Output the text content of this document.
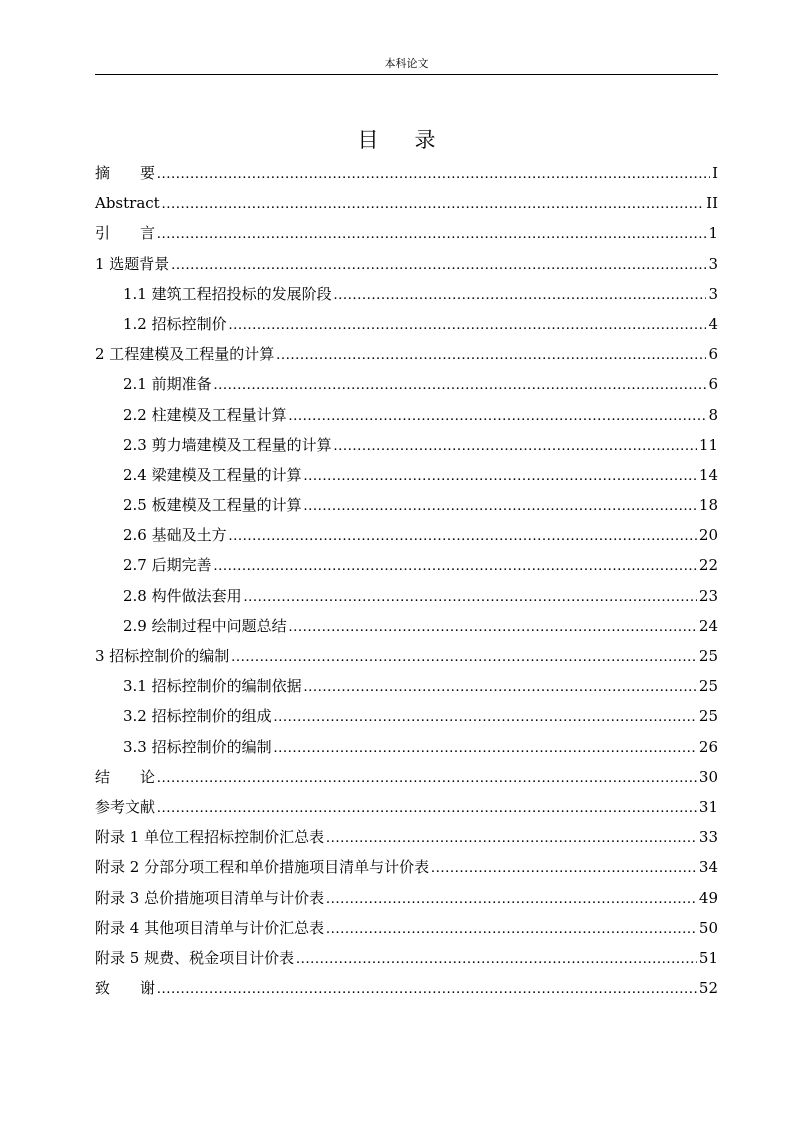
本科论文
目录
摘要 .....	I
Abstract .....	II
引言 .....	1
1 选题背景 .....	3
1.1 建筑工程招投标的发展阶段 .....	3
1.2 招标控制价 .....	4
2 工程建模及工程量的计算 .....	6
2.1 前期准备 .....	6
2.2 柱建模及工程量计算 .....	8
2.3 剪力墙建模及工程量的计算 .....	11
2.4 梁建模及工程量的计算 .....	14
2.5 板建模及工程量的计算 .....	18
2.6 基础及土方 .....	20
2.7 后期完善 .....	22
2.8 构件做法套用 .....	23
2.9 绘制过程中问题总结 .....	24
3 招标控制价的编制 .....	25
3.1 招标控制价的编制依据 .....	25
3.2 招标控制价的组成 .....	25
3.3 招标控制价的编制 .....	26
结论 .....	30
参考文献 .....	31
附录 1 单位工程招标控制价汇总表 .....	33
附录 2 分部分项工程和单价措施项目清单与计价表 .....	34
附录 3 总价措施项目清单与计价表 .....	49
附录 4 其他项目清单与计价汇总表 .....	50
附录 5 规费、税金项目计价表 .....	51
致谢 .....	52
